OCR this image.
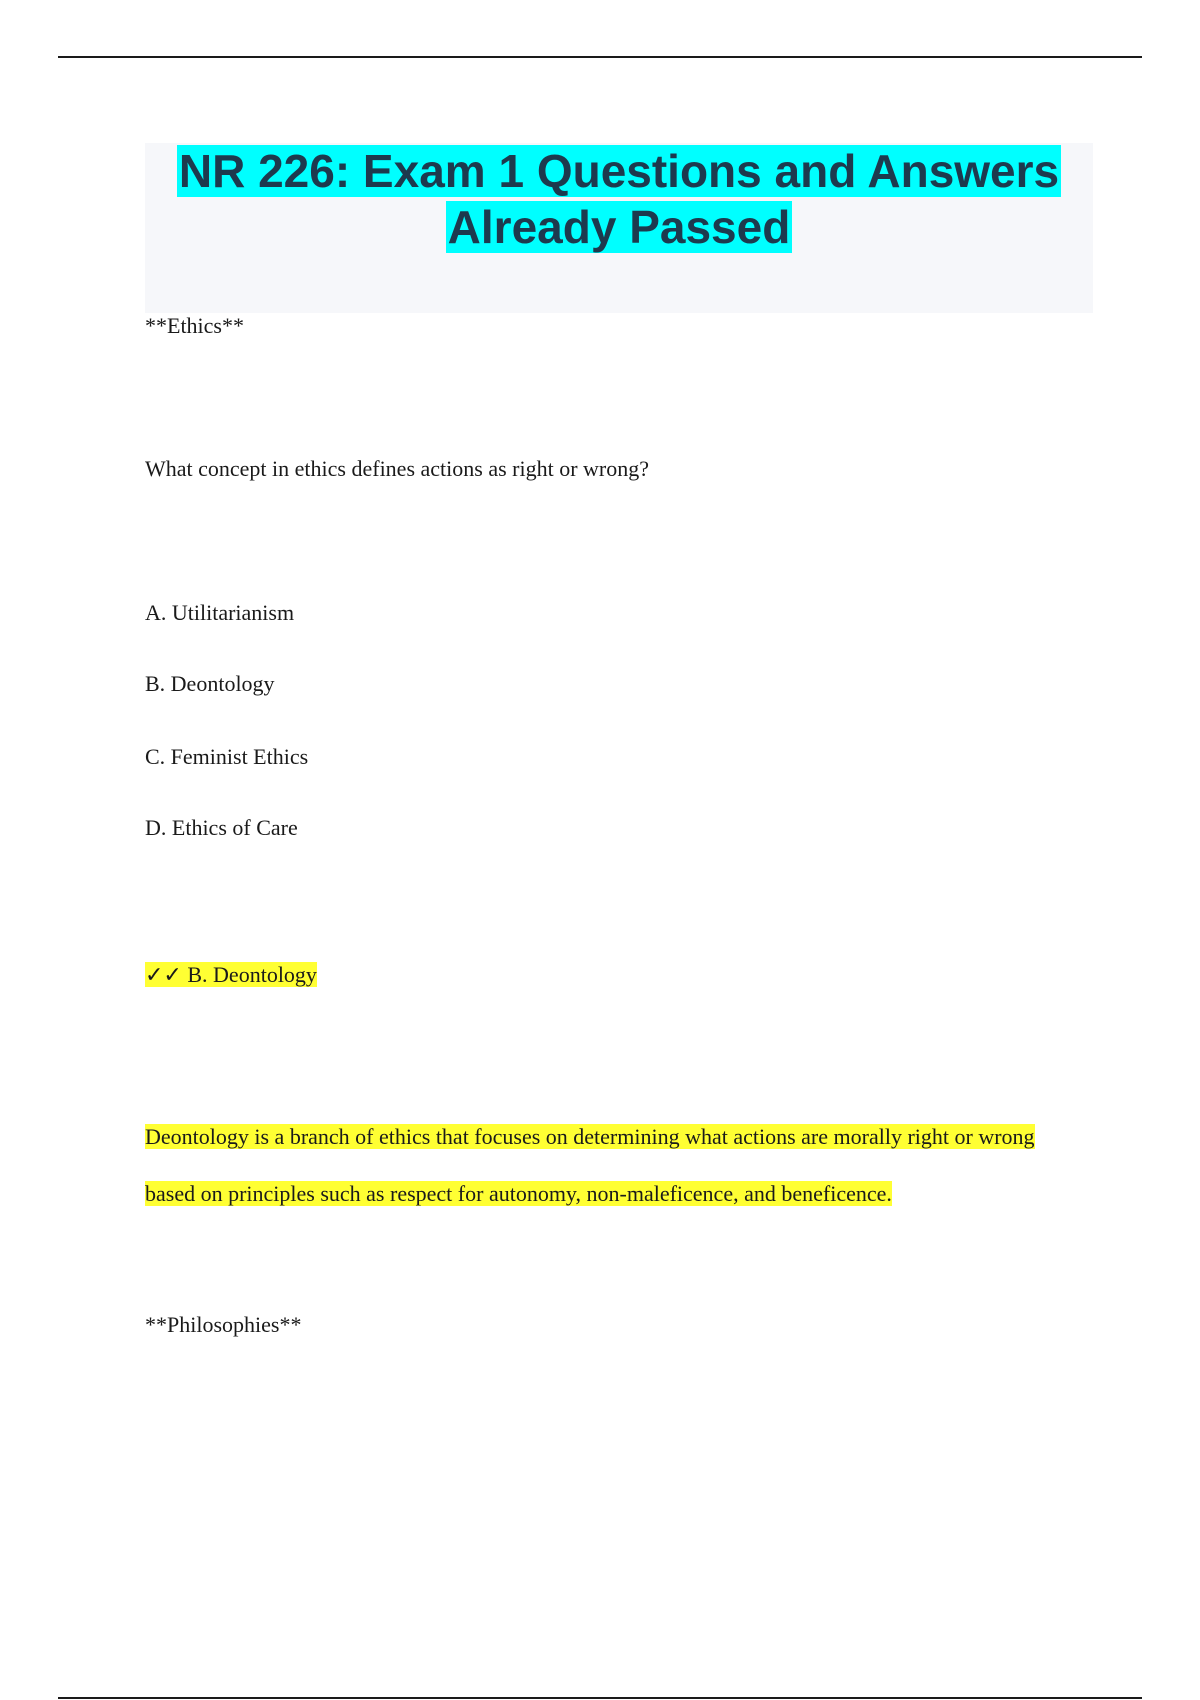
NR 226: Exam 1 Questions and Answers Already Passed
**Ethics**
What concept in ethics defines actions as right or wrong?
A. Utilitarianism
B. Deontology
C. Feminist Ethics
D. Ethics of Care
✓✓ B. Deontology
Deontology is a branch of ethics that focuses on determining what actions are morally right or wrong based on principles such as respect for autonomy, non-maleficence, and beneficence.
**Philosophies**
